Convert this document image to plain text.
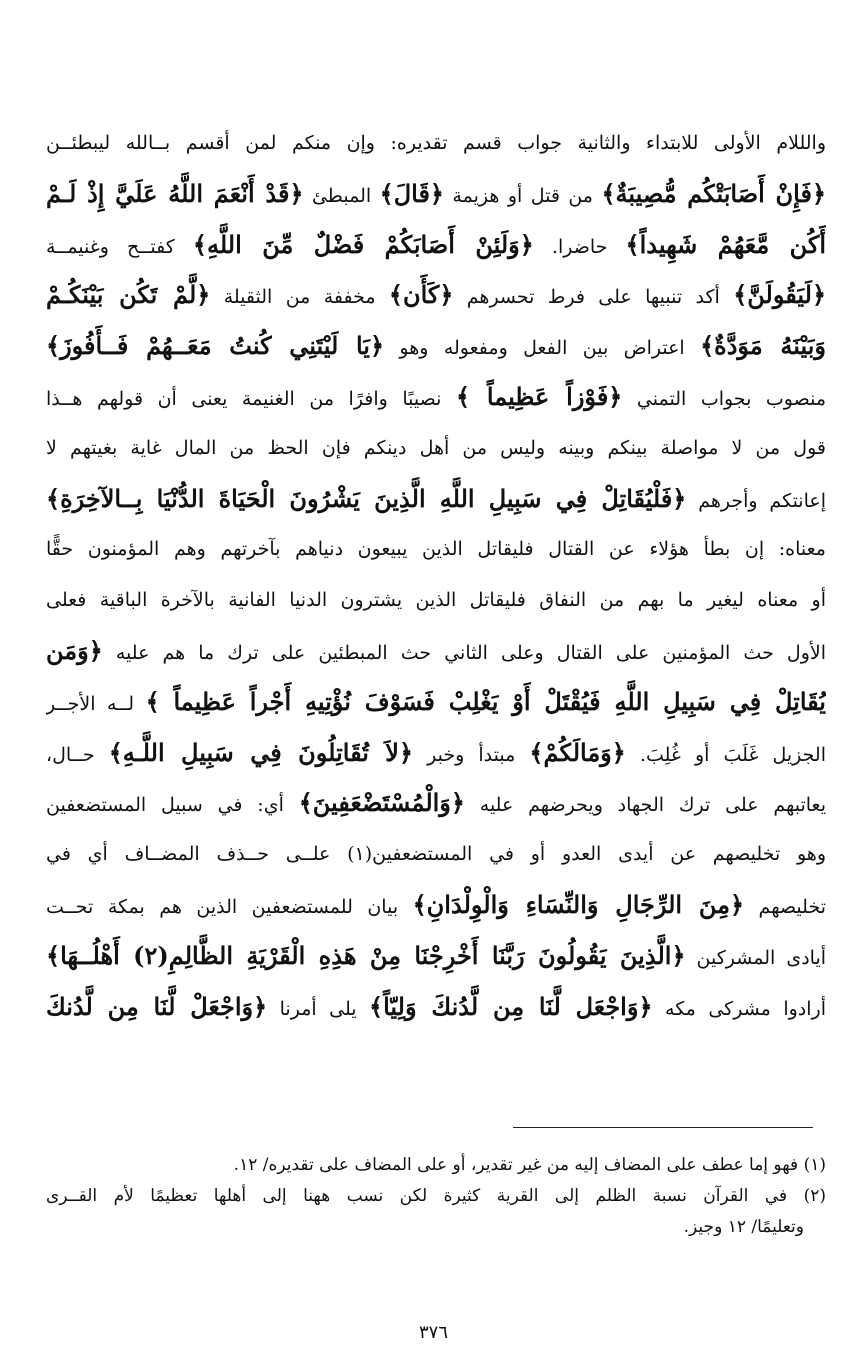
والللام الأولى للابتداء والثانية جواب قسم تقديره: وإن منكم لمن أقسم بــالله ليبطئــن
﴿فَإِنْ أَصَابَتْكُم مُّصِيبَةٌ﴾ من قتل أو هزيمة ﴿قَالَ﴾ المبطئ ﴿قَدْ أَنْعَمَ اللَّهُ عَلَيَّ إِذْ لَـمْ
أَكُن مَّعَهُمْ شَهِيداً﴾ حاضرا. ﴿وَلَئِنْ أَصَابَكُمْ فَضْلٌ مِّنَ اللَّهِ﴾ كفتــح وغنيمــة
﴿لَيَقُولَنَّ﴾ أكد تنبيها على فرط تحسرهم ﴿كَأَن﴾ مخففة من الثقيلة ﴿لَّمْ تَكُن بَيْنَكُـمْ
وَبَيْنَهُ مَوَدَّةٌ﴾ اعتراض بين الفعل ومفعوله وهو ﴿يَا لَيْتَنِي كُنتُ مَعَــهُمْ فَــأَفُوزَ﴾
منصوب بجواب التمني ﴿فَوْزاً عَظِيماً ﴾ نصيبًا وافرًا من الغنيمة يعنى أن قولهم هــذا
قول من لا مواصلة بينكم وبينه وليس من أهل دينكم فإن الحظ من المال غاية بغيتهم لا
إعانتكم وأجرهم ﴿فَلْيُقَاتِلْ فِي سَبِيلِ اللَّهِ الَّذِينَ يَشْرُونَ الْحَيَاةَ الدُّنْيَا بِــالآخِرَةِ﴾
معناه: إن بطأ هؤلاء عن القتال فليقاتل الذين يبيعون دنياهم بآخرتهم وهم المؤمنون حقًّا
أو معناه ليغير ما بهم من النفاق فليقاتل الذين يشترون الدنيا الفانية بالآخرة الباقية فعلى
الأول حث المؤمنين على القتال وعلى الثاني حث المبطئين على ترك ما هم عليه ﴿وَمَن
يُقَاتِلْ فِي سَبِيلِ اللَّهِ فَيُقْتَلْ أَوْ يَغْلِبْ فَسَوْفَ نُؤْتِيهِ أَجْراً عَظِيماً ﴾ لــه الأجــر
الجزيل غَلَبَ أو غُلِبَ. ﴿وَمَالَكُمْ﴾ مبتدأ وخبر ﴿لاَ تُقَاتِلُونَ فِي سَبِيلِ اللَّـهِ﴾ حــال،
يعاتبهم على ترك الجهاد ويحرضهم عليه ﴿وَالْمُسْتَضْعَفِينَ﴾ أي: في سبيل المستضعفين
وهو تخليصهم عن أيدى العدو أو في المستضعفين(١) علــى حــذف المضــاف أي في
تخليصهم ﴿مِنَ الرِّجَالِ وَالنِّسَاءِ وَالْوِلْدَانِ﴾ بيان للمستضعفين الذين هم بمكة تحــت
أيادى المشركين ﴿الَّذِينَ يَقُولُونَ رَبَّنَا أَخْرِجْنَا مِنْ هَذِهِ الْقَرْيَةِ الظَّالِمِ(٢) أَهْلُــهَا﴾
أرادوا مشركى مكه ﴿وَاجْعَل لَّنَا مِن لَّدُنكَ وَلِيّاً﴾ يلى أمرنا ﴿وَاجْعَلْ لَّنَا مِن لَّدُنكَ
(١) فهو إما عطف على المضاف إليه من غير تقدير، أو على المضاف على تقديره/ ١٢.
(٢) في القرآن نسبة الظلم إلى القرية كثيرة لكن نسب ههنا إلى أهلها تعظيمًا لأم القــرى
وتعليمًا/ ١٢ وجيز.
٣٧٦
